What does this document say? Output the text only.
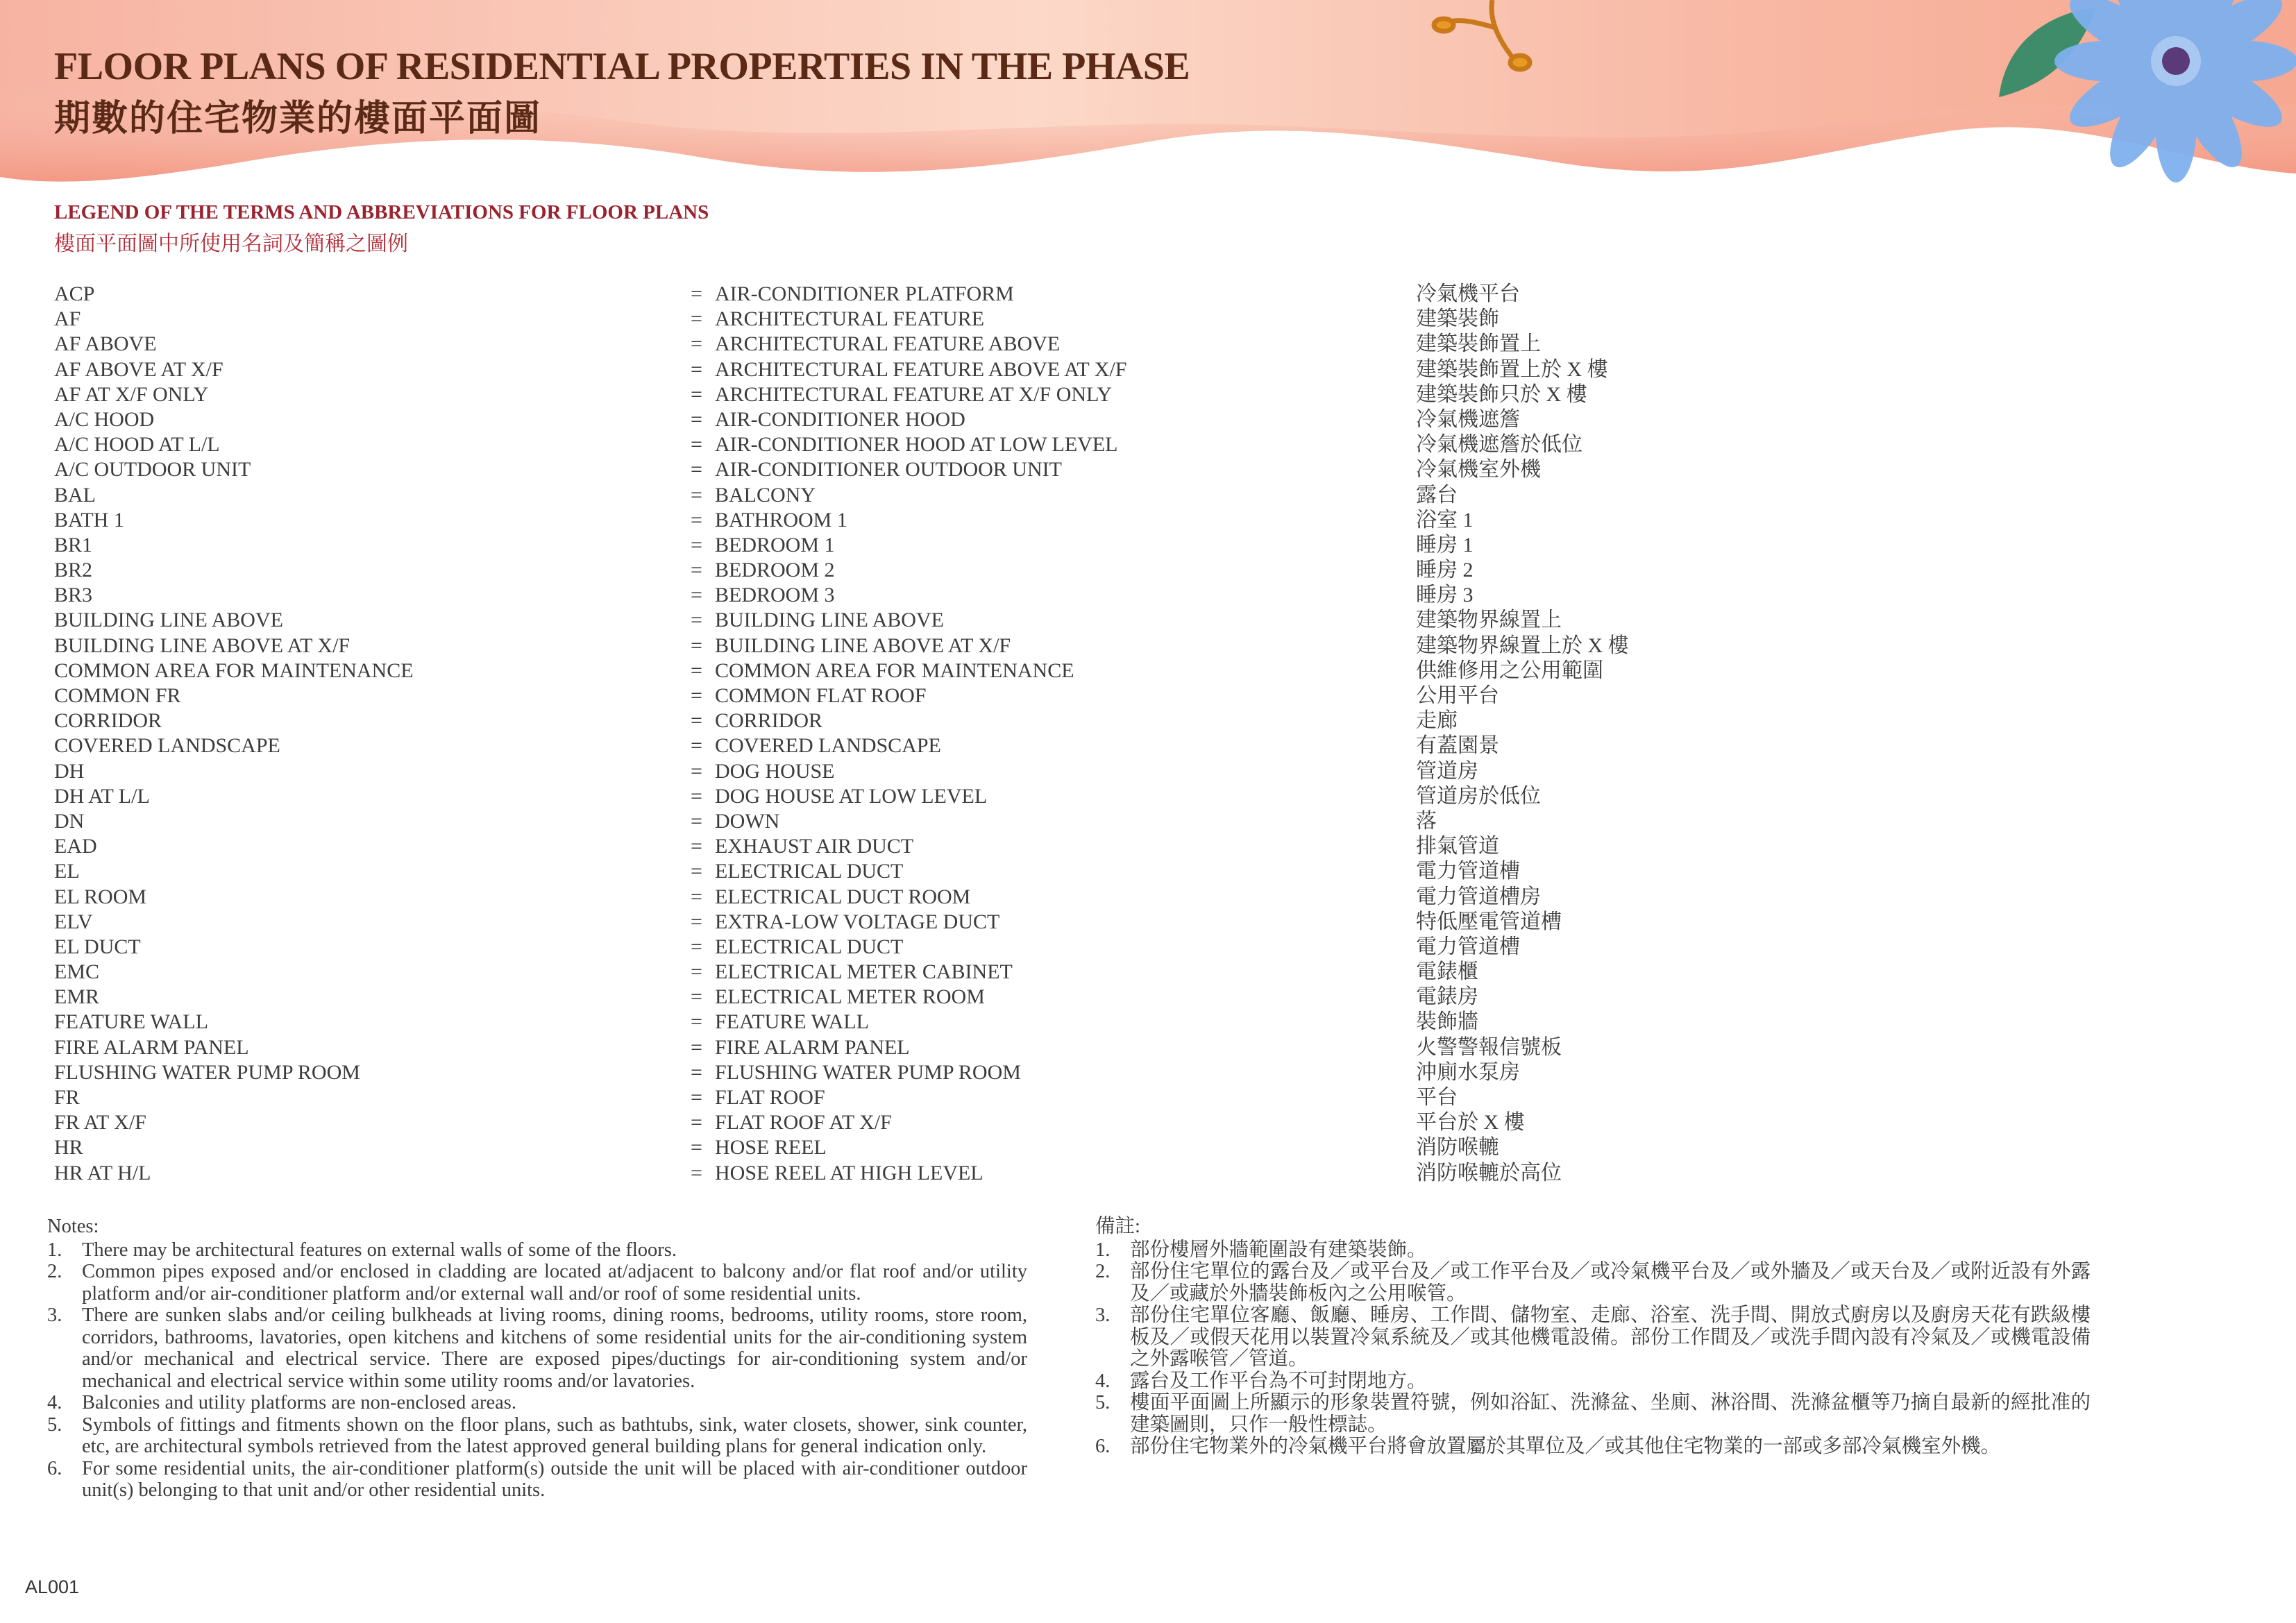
FLOOR PLANS OF RESIDENTIAL PROPERTIES IN THE PHASE
期數的住宅物業的樓面平面圖
LEGEND OF THE TERMS AND ABBREVIATIONS FOR FLOOR PLANS
樓面平面圖中所使用名詞及簡稱之圖例
ACP	= AIR-CONDITIONER PLATFORM	冷氣機平台
AF	= ARCHITECTURAL FEATURE	建築裝飾
AF ABOVE	= ARCHITECTURAL FEATURE ABOVE	建築裝飾置上
AF ABOVE AT X/F	= ARCHITECTURAL FEATURE ABOVE AT X/F	建築裝飾置上於 X 樓
AF AT X/F ONLY	= ARCHITECTURAL FEATURE AT X/F ONLY	建築裝飾只於 X 樓
A/C HOOD	= AIR-CONDITIONER HOOD	冷氣機遮簷
A/C HOOD AT L/L	= AIR-CONDITIONER HOOD AT LOW LEVEL	冷氣機遮簷於低位
A/C OUTDOOR UNIT	= AIR-CONDITIONER OUTDOOR UNIT	冷氣機室外機
BAL	= BALCONY	露台
BATH 1	= BATHROOM 1	浴室 1
BR1	= BEDROOM 1	睡房 1
BR2	= BEDROOM 2	睡房 2
BR3	= BEDROOM 3	睡房 3
BUILDING LINE ABOVE	= BUILDING LINE ABOVE	建築物界線置上
BUILDING LINE ABOVE AT X/F	= BUILDING LINE ABOVE AT X/F	建築物界線置上於 X 樓
COMMON AREA FOR MAINTENANCE	= COMMON AREA FOR MAINTENANCE	供維修用之公用範圍
COMMON FR	= COMMON FLAT ROOF	公用平台
CORRIDOR	= CORRIDOR	走廊
COVERED LANDSCAPE	= COVERED LANDSCAPE	有蓋園景
DH	= DOG HOUSE	管道房
DH AT L/L	= DOG HOUSE AT LOW LEVEL	管道房於低位
DN	= DOWN	落
EAD	= EXHAUST AIR DUCT	排氣管道
EL	= ELECTRICAL DUCT	電力管道槽
EL ROOM	= ELECTRICAL DUCT ROOM	電力管道槽房
ELV	= EXTRA-LOW VOLTAGE DUCT	特低壓電管道槽
EL DUCT	= ELECTRICAL DUCT	電力管道槽
EMC	= ELECTRICAL METER CABINET	電錶櫃
EMR	= ELECTRICAL METER ROOM	電錶房
FEATURE WALL	= FEATURE WALL	裝飾牆
FIRE ALARM PANEL	= FIRE ALARM PANEL	火警警報信號板
FLUSHING WATER PUMP ROOM	= FLUSHING WATER PUMP ROOM	沖廁水泵房
FR	= FLAT ROOF	平台
FR AT X/F	= FLAT ROOF AT X/F	平台於 X 樓
HR	= HOSE REEL	消防喉轆
HR AT H/L	= HOSE REEL AT HIGH LEVEL	消防喉轆於高位
Notes:
1. There may be architectural features on external walls of some of the floors.
2. Common pipes exposed and/or enclosed in cladding are located at/adjacent to balcony and/or flat roof and/or utility platform and/or air-conditioner platform and/or external wall and/or roof of some residential units.
3. There are sunken slabs and/or ceiling bulkheads at living rooms, dining rooms, bedrooms, utility rooms, store room, corridors, bathrooms, lavatories, open kitchens and kitchens of some residential units for the air-conditioning system and/or mechanical and electrical service. There are exposed pipes/ductings for air-conditioning system and/or mechanical and electrical service within some utility rooms and/or lavatories.
4. Balconies and utility platforms are non-enclosed areas.
5. Symbols of fittings and fitments shown on the floor plans, such as bathtubs, sink, water closets, shower, sink counter, etc, are architectural symbols retrieved from the latest approved general building plans for general indication only.
6. For some residential units, the air-conditioner platform(s) outside the unit will be placed with air-conditioner outdoor unit(s) belonging to that unit and/or other residential units.
備註:
1. 部份樓層外牆範圍設有建築裝飾。
2. 部份住宅單位的露台及／或平台及／或工作平台及／或冷氣機平台及／或外牆及／或天台及／或附近設有外露及／或藏於外牆裝飾板內之公用喉管。
3. 部份住宅單位客廳、飯廳、睡房、工作間、儲物室、走廊、浴室、洗手間、開放式廚房以及廚房天花有跌級樓板及／或假天花用以裝置冷氣系統及／或其他機電設備。部份工作間及／或洗手間內設有冷氣及／或機電設備之外露喉管／管道。
4. 露台及工作平台為不可封閉地方。
5. 樓面平面圖上所顯示的形象裝置符號，例如浴缸、洗滌盆、坐廁、淋浴間、洗滌盆櫃等乃摘自最新的經批准的建築圖則，只作一般性標誌。
6. 部份住宅物業外的冷氣機平台將會放置屬於其單位及／或其他住宅物業的一部或多部冷氣機室外機。
AL001
